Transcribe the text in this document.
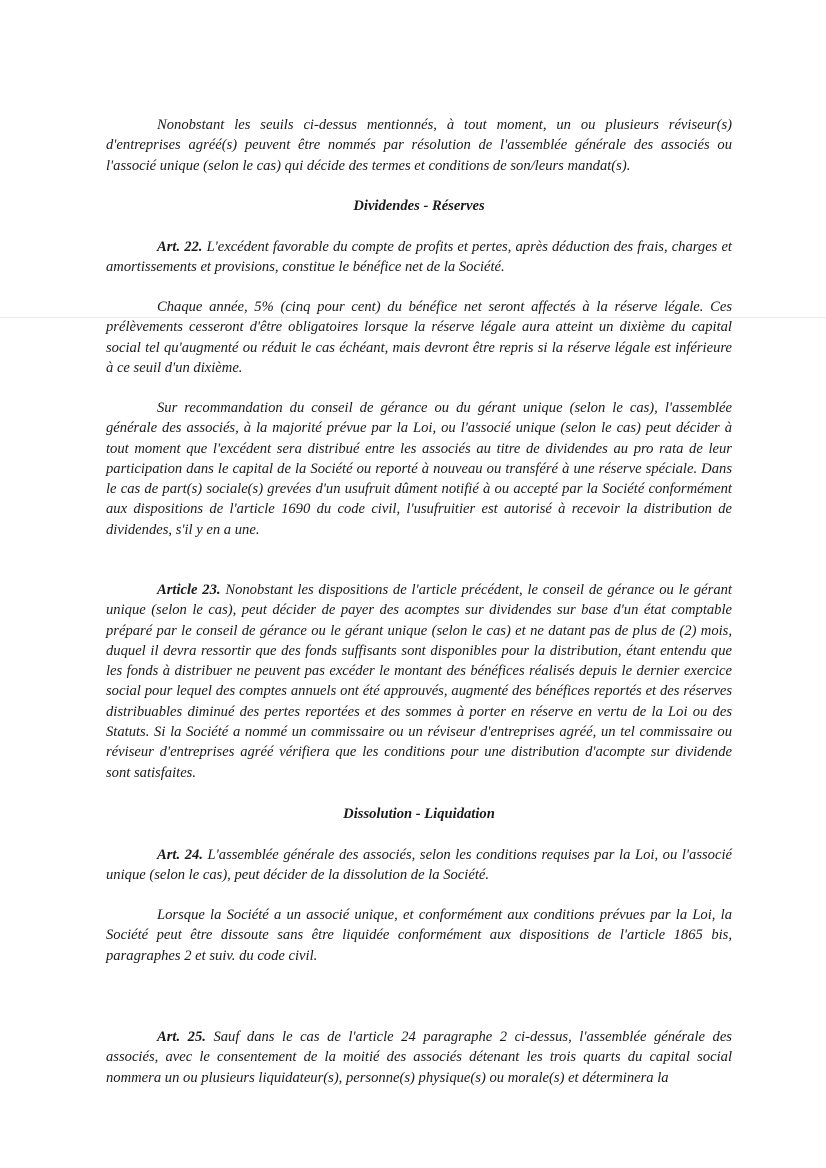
Nonobstant les seuils ci-dessus mentionnés, à tout moment, un ou plusieurs réviseur(s) d'entreprises agréé(s) peuvent être nommés par résolution de l'assemblée générale des associés ou l'associé unique (selon le cas) qui décide des termes et conditions de son/leurs mandat(s).

Dividendes - Réserves

Art. 22. L'excédent favorable du compte de profits et pertes, après déduction des frais, charges et amortissements et provisions, constitue le bénéfice net de la Société.

Chaque année, 5% (cinq pour cent) du bénéfice net seront affectés à la réserve légale. Ces prélèvements cesseront d'être obligatoires lorsque la réserve légale aura atteint un dixième du capital social tel qu'augmenté ou réduit le cas échéant, mais devront être repris si la réserve légale est inférieure à ce seuil d'un dixième.

Sur recommandation du conseil de gérance ou du gérant unique (selon le cas), l'assemblée générale des associés, à la majorité prévue par la Loi, ou l'associé unique (selon le cas) peut décider à tout moment que l'excédent sera distribué entre les associés au titre de dividendes au pro rata de leur participation dans le capital de la Société ou reporté à nouveau ou transféré à une réserve spéciale. Dans le cas de part(s) sociale(s) grevées d'un usufruit dûment notifié à ou accepté par la Société conformément aux dispositions de l'article 1690 du code civil, l'usufruitier est autorisé à recevoir la distribution de dividendes, s'il y en a une.

Article 23. Nonobstant les dispositions de l'article précédent, le conseil de gérance ou le gérant unique (selon le cas), peut décider de payer des acomptes sur dividendes sur base d'un état comptable préparé par le conseil de gérance ou le gérant unique (selon le cas) et ne datant pas de plus de (2) mois, duquel il devra ressortir que des fonds suffisants sont disponibles pour la distribution, étant entendu que les fonds à distribuer ne peuvent pas excéder le montant des bénéfices réalisés depuis le dernier exercice social pour lequel des comptes annuels ont été approuvés, augmenté des bénéfices reportés et des réserves distribuables diminué des pertes reportées et des sommes à porter en réserve en vertu de la Loi ou des Statuts. Si la Société a nommé un commissaire ou un réviseur d'entreprises agréé, un tel commissaire ou réviseur d'entreprises agréé vérifiera que les conditions pour une distribution d'acompte sur dividende sont satisfaites.

Dissolution - Liquidation

Art. 24. L'assemblée générale des associés, selon les conditions requises par la Loi, ou l'associé unique (selon le cas), peut décider de la dissolution de la Société.

Lorsque la Société a un associé unique, et conformément aux conditions prévues par la Loi, la Société peut être dissoute sans être liquidée conformément aux dispositions de l'article 1865 bis, paragraphes 2 et suiv. du code civil.

Art. 25. Sauf dans le cas de l'article 24 paragraphe 2 ci-dessus, l'assemblée générale des associés, avec le consentement de la moitié des associés détenant les trois quarts du capital social nommera un ou plusieurs liquidateur(s), personne(s) physique(s) ou morale(s) et déterminera la
